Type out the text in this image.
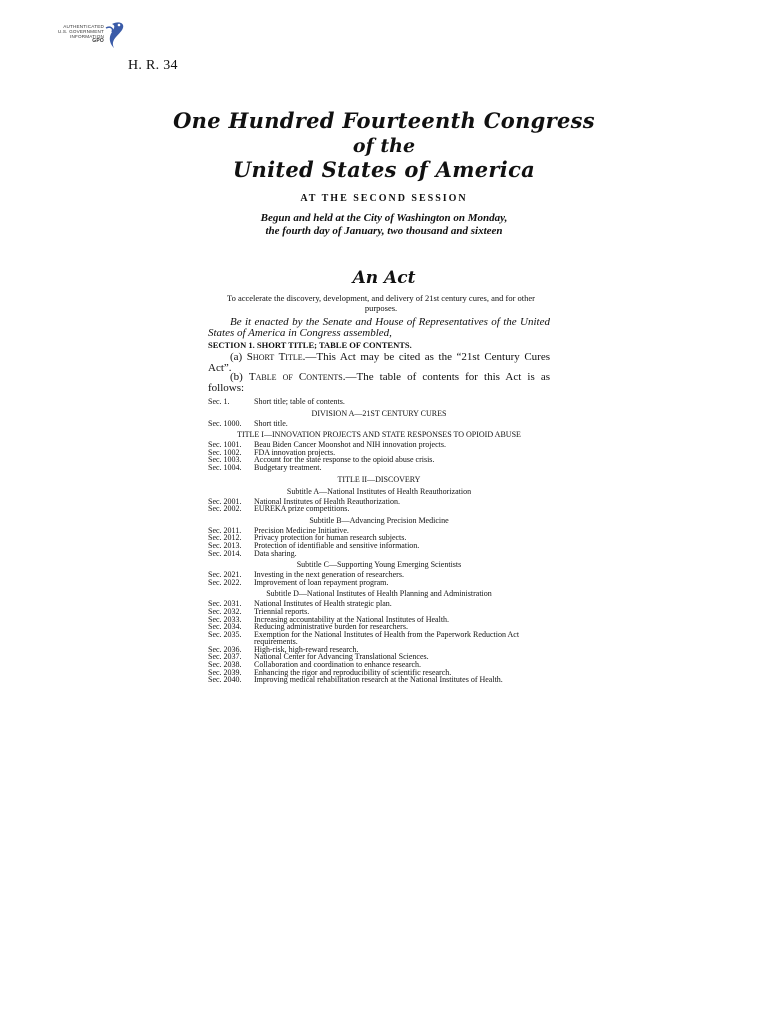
AUTHENTICATED
U.S. GOVERNMENT
INFORMATION
GPO
H. R. 34
One Hundred Fourteenth Congress
of the
United States of America
AT THE SECOND SESSION
Begun and held at the City of Washington on Monday,
the fourth day of January, two thousand and sixteen
An Act
To accelerate the discovery, development, and delivery of 21st century cures, and for other purposes.
Be it enacted by the Senate and House of Representatives of the United States of America in Congress assembled,
SECTION 1. SHORT TITLE; TABLE OF CONTENTS.
(a) Short Title.—This Act may be cited as the “21st Century Cures Act”.
(b) Table of Contents.—The table of contents for this Act is as follows:
Sec. 1.	Short title; table of contents.
DIVISION A—21ST CENTURY CURES
Sec. 1000.	Short title.
TITLE I—INNOVATION PROJECTS AND STATE RESPONSES TO OPIOID ABUSE
Sec. 1001.	Beau Biden Cancer Moonshot and NIH innovation projects.
Sec. 1002.	FDA innovation projects.
Sec. 1003.	Account for the state response to the opioid abuse crisis.
Sec. 1004.	Budgetary treatment.
TITLE II—DISCOVERY
Subtitle A—National Institutes of Health Reauthorization
Sec. 2001.	National Institutes of Health Reauthorization.
Sec. 2002.	EUREKA prize competitions.
Subtitle B—Advancing Precision Medicine
Sec. 2011.	Precision Medicine Initiative.
Sec. 2012.	Privacy protection for human research subjects.
Sec. 2013.	Protection of identifiable and sensitive information.
Sec. 2014.	Data sharing.
Subtitle C—Supporting Young Emerging Scientists
Sec. 2021.	Investing in the next generation of researchers.
Sec. 2022.	Improvement of loan repayment program.
Subtitle D—National Institutes of Health Planning and Administration
Sec. 2031.	National Institutes of Health strategic plan.
Sec. 2032.	Triennial reports.
Sec. 2033.	Increasing accountability at the National Institutes of Health.
Sec. 2034.	Reducing administrative burden for researchers.
Sec. 2035.	Exemption for the National Institutes of Health from the Paperwork Reduction Act requirements.
Sec. 2036.	High-risk, high-reward research.
Sec. 2037.	National Center for Advancing Translational Sciences.
Sec. 2038.	Collaboration and coordination to enhance research.
Sec. 2039.	Enhancing the rigor and reproducibility of scientific research.
Sec. 2040.	Improving medical rehabilitation research at the National Institutes of Health.
